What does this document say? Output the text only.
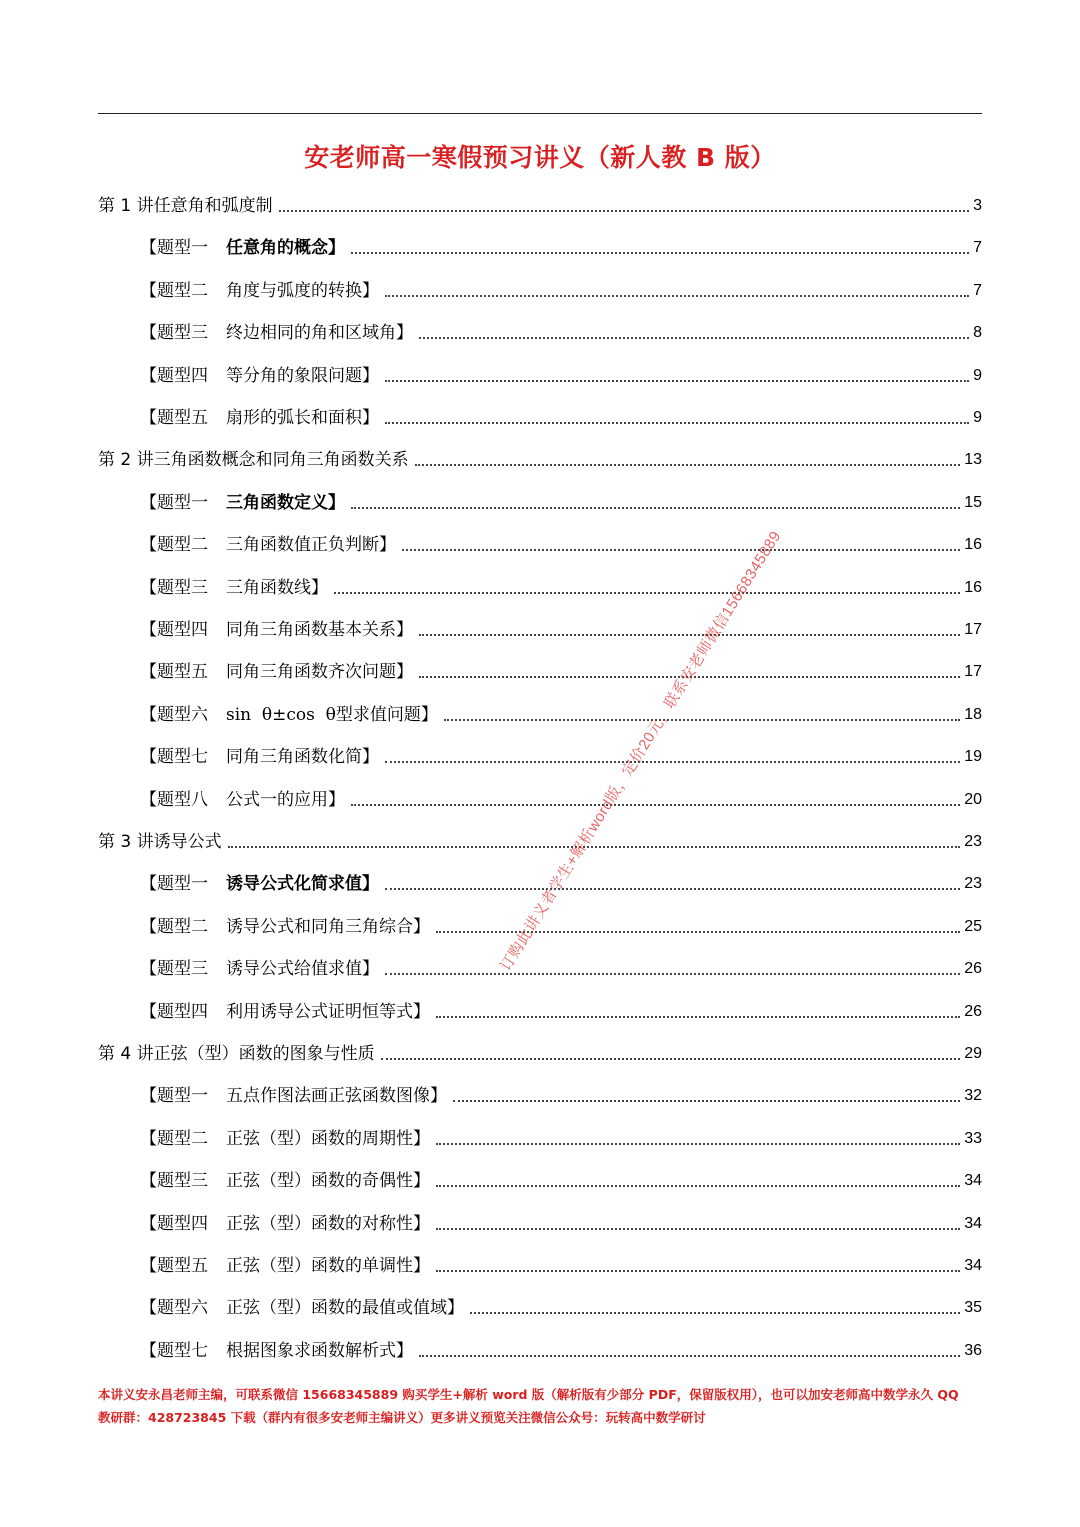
安老师高一寒假预习讲义（新人教 B 版）
第 1 讲任意角和弧度制	3
【题型一 任意角的概念】	7
【题型二 角度与弧度的转换】	7
【题型三 终边相同的角和区域角】	8
【题型四 等分角的象限问题】	9
【题型五 扇形的弧长和面积】	9
第 2 讲三角函数概念和同角三角函数关系	13
【题型一 三角函数定义】	15
【题型二 三角函数值正负判断】	16
【题型三 三角函数线】	16
【题型四 同角三角函数基本关系】	17
【题型五 同角三角函数齐次问题】	17
【题型六 sin  θ±cos  θ型求值问题】	18
【题型七 同角三角函数化简】	19
【题型八 公式一的应用】	20
第 3 讲诱导公式	23
【题型一 诱导公式化简求值】	23
【题型二 诱导公式和同角三角综合】	25
【题型三 诱导公式给值求值】	26
【题型四 利用诱导公式证明恒等式】	26
第 4 讲正弦（型）函数的图象与性质	29
【题型一 五点作图法画正弦函数图像】	32
【题型二 正弦（型）函数的周期性】	33
【题型三 正弦（型）函数的奇偶性】	34
【题型四 正弦（型）函数的对称性】	34
【题型五 正弦（型）函数的单调性】	34
【题型六 正弦（型）函数的最值或值域】	35
【题型七 根据图象求函数解析式】	36
本讲义安永昌老师主编，可联系微信 15668345889 购买学生+解析 word 版（解析版有少部分 PDF，保留版权用），也可以加安老师高中数学永久 QQ
教研群：428723845 下载（群内有很多安老师主编讲义）更多讲义预览关注微信公众号：玩转高中数学研讨
订购此讲义者学生+解析word版，定价20元，联系安老师微信15668345889
